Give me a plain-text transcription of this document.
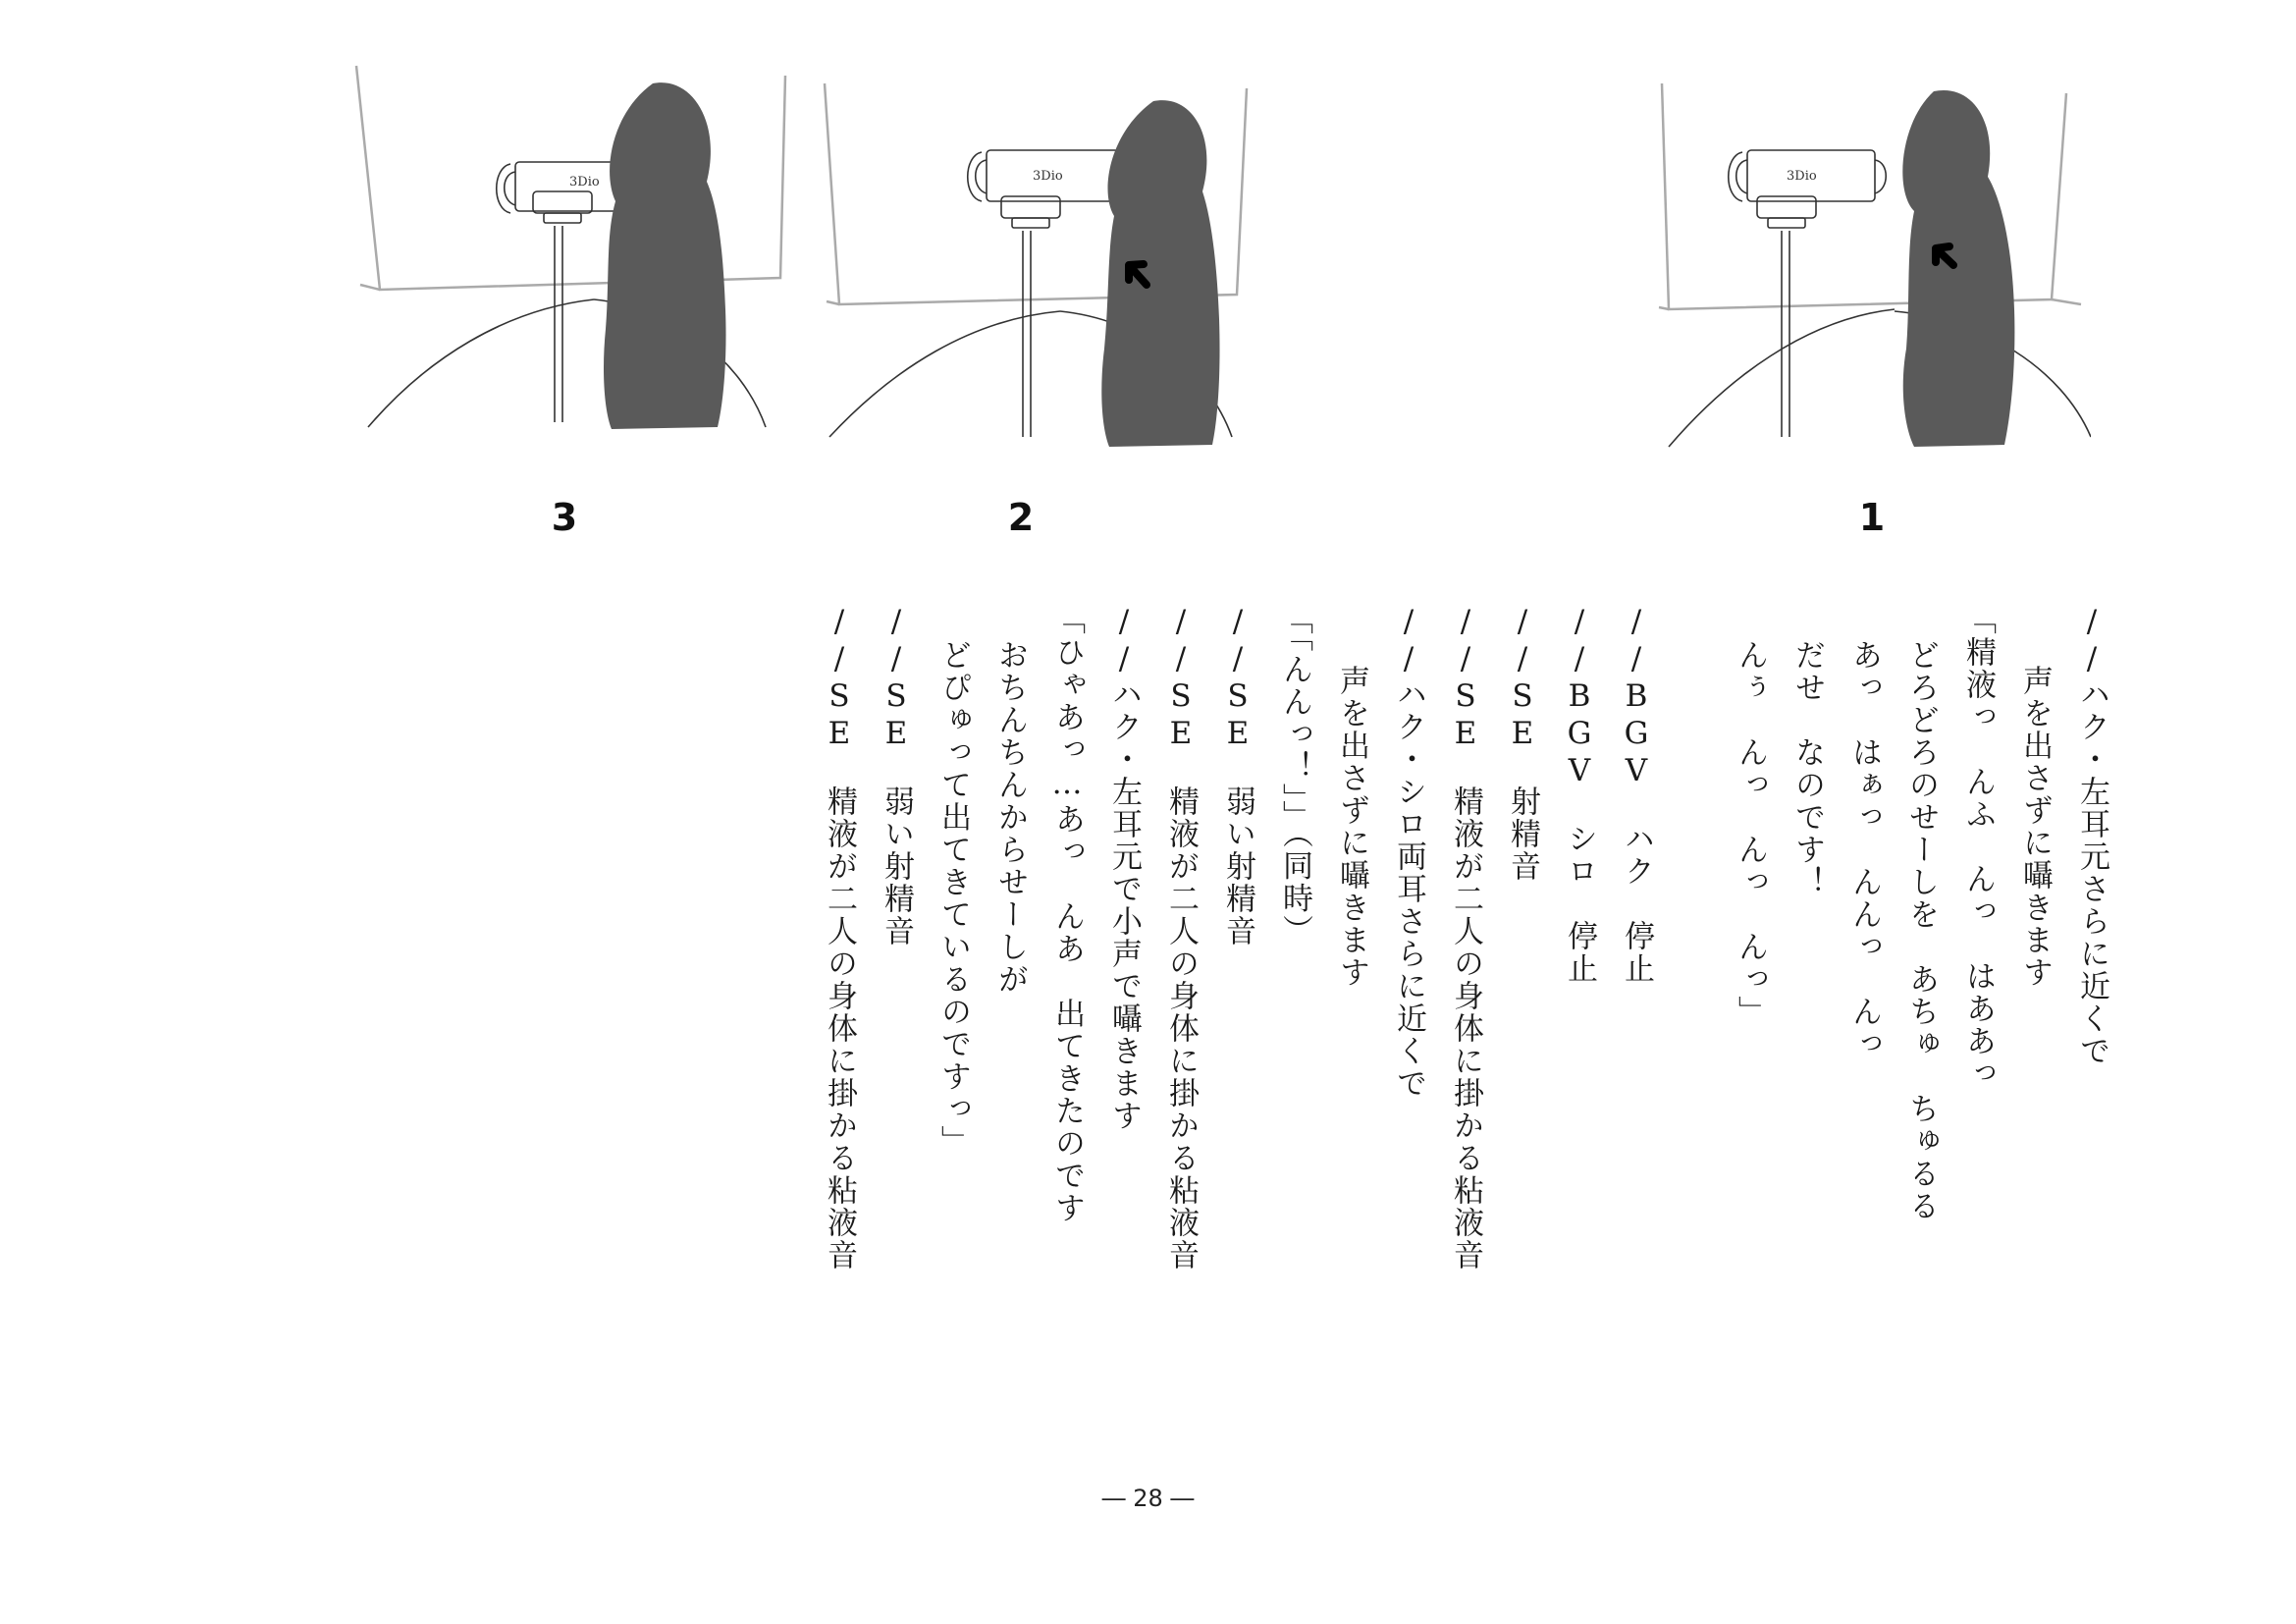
3Dio
3Dio
3Dio
1
2
3
//ハク・左耳元さらに近くで
声を出さずに囁きます
「精液っ　んふ　んっ　はああっ
どろどろのせーしを　あちゅ　ちゅるる
あっ　はぁっ　んんっ　んっ
だせ　なのです！
んぅ　んっ　んっ　んっ」
//BGV　ハク　停止
//BGV　シロ　停止
//SE　射精音
//SE　精液が二人の身体に掛かる粘液音
//ハク・シロ両耳さらに近くで
声を出さずに囁きます
「「んんっ！」」（同時）
//SE　弱い射精音
//SE　精液が二人の身体に掛かる粘液音
//ハク・左耳元で小声で囁きます
「ひゃあっ…あっ　んあ　出てきたのです
おちんちんからせーしが
どぴゅって出てきているのですっ」
//SE　弱い射精音
//SE　精液が二人の身体に掛かる粘液音
― 28 ―
